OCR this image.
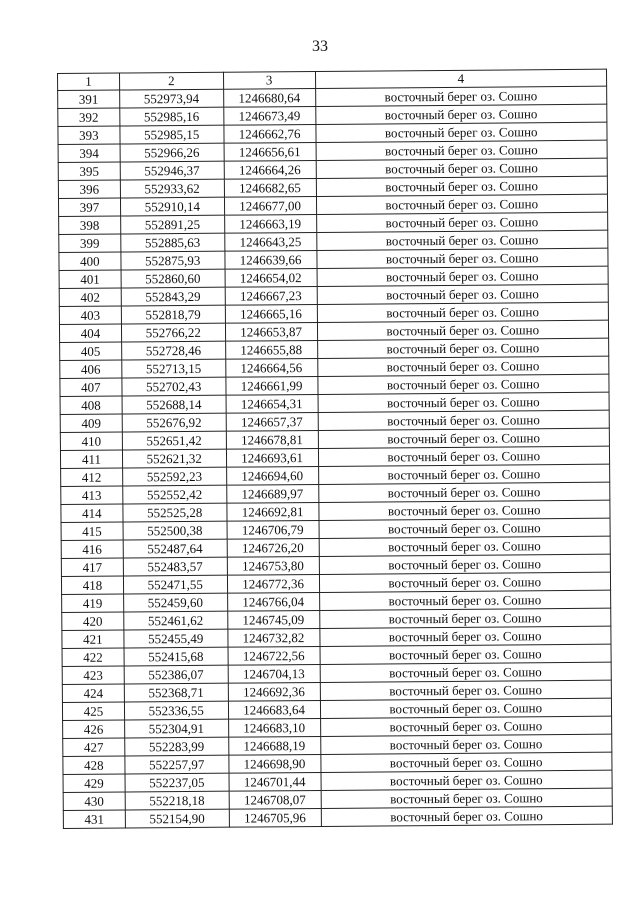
33
1	2	3	4
391	552973,94	1246680,64	восточный берег оз. Сошно
392	552985,16	1246673,49	восточный берег оз. Сошно
393	552985,15	1246662,76	восточный берег оз. Сошно
394	552966,26	1246656,61	восточный берег оз. Сошно
395	552946,37	1246664,26	восточный берег оз. Сошно
396	552933,62	1246682,65	восточный берег оз. Сошно
397	552910,14	1246677,00	восточный берег оз. Сошно
398	552891,25	1246663,19	восточный берег оз. Сошно
399	552885,63	1246643,25	восточный берег оз. Сошно
400	552875,93	1246639,66	восточный берег оз. Сошно
401	552860,60	1246654,02	восточный берег оз. Сошно
402	552843,29	1246667,23	восточный берег оз. Сошно
403	552818,79	1246665,16	восточный берег оз. Сошно
404	552766,22	1246653,87	восточный берег оз. Сошно
405	552728,46	1246655,88	восточный берег оз. Сошно
406	552713,15	1246664,56	восточный берег оз. Сошно
407	552702,43	1246661,99	восточный берег оз. Сошно
408	552688,14	1246654,31	восточный берег оз. Сошно
409	552676,92	1246657,37	восточный берег оз. Сошно
410	552651,42	1246678,81	восточный берег оз. Сошно
411	552621,32	1246693,61	восточный берег оз. Сошно
412	552592,23	1246694,60	восточный берег оз. Сошно
413	552552,42	1246689,97	восточный берег оз. Сошно
414	552525,28	1246692,81	восточный берег оз. Сошно
415	552500,38	1246706,79	восточный берег оз. Сошно
416	552487,64	1246726,20	восточный берег оз. Сошно
417	552483,57	1246753,80	восточный берег оз. Сошно
418	552471,55	1246772,36	восточный берег оз. Сошно
419	552459,60	1246766,04	восточный берег оз. Сошно
420	552461,62	1246745,09	восточный берег оз. Сошно
421	552455,49	1246732,82	восточный берег оз. Сошно
422	552415,68	1246722,56	восточный берег оз. Сошно
423	552386,07	1246704,13	восточный берег оз. Сошно
424	552368,71	1246692,36	восточный берег оз. Сошно
425	552336,55	1246683,64	восточный берег оз. Сошно
426	552304,91	1246683,10	восточный берег оз. Сошно
427	552283,99	1246688,19	восточный берег оз. Сошно
428	552257,97	1246698,90	восточный берег оз. Сошно
429	552237,05	1246701,44	восточный берег оз. Сошно
430	552218,18	1246708,07	восточный берег оз. Сошно
431	552154,90	1246705,96	восточный берег оз. Сошно
